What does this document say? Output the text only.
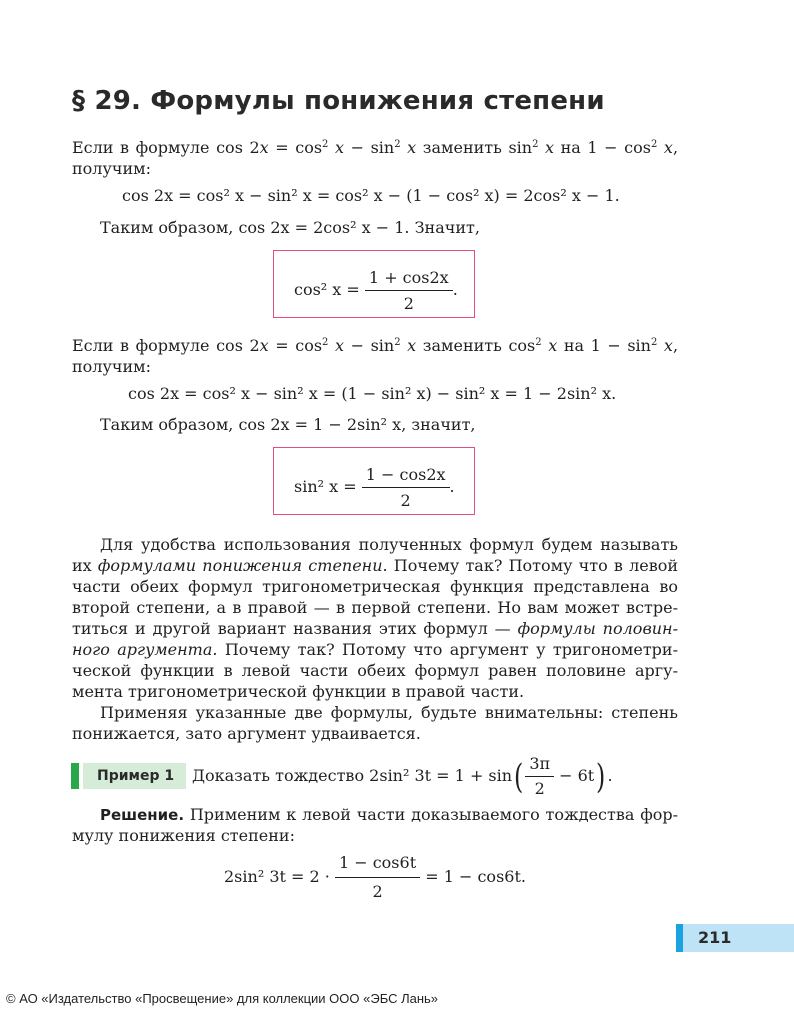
§ 29. Формулы понижения степени
Если в формуле $\cos 2x = \cos^2 x - \sin^2 x$ заменить $\sin^2 x$ на $1 - \cos^2 x$,
получим:
cos 2x = cos² x − sin² x = cos² x − (1 − cos² x) = 2cos² x − 1.
Таким образом, cos 2x = 2cos² x − 1. Значит,
cos² $x = \frac{1 + \cos 2x}{2}$ .
Если в формуле $\cos 2x = \cos^2 x - \sin^2 x$ заменить $\cos^2 x$ на $1 - \sin^2 x$,
получим:
cos 2x = cos² x − sin² x = (1 − sin² x) − sin² x = 1 − 2sin² x.
Таким образом, cos 2x = 1 − 2sin² x, значит,
sin² $x = \frac{1 - \cos 2x}{2}$ .
Для удобства использования полученных формул будем называть
их формулами понижения степени. Почему так? Потому что в левой
части обеих формул тригонометрическая функция представлена во
второй степени, а в правой — в первой степени. Но вам может встре-
титься и другой вариант названия этих формул — формулы половин-
ного аргумента. Почему так? Потому что аргумент у тригонометри-
ческой функции в левой части обеих формул равен половине аргу-
мента тригонометрической функции в правой части.
Применяя указанные две формулы, будьте внимательны: степень
понижается, зато аргумент удваивается.
Пример 1	Доказать тождество 2sin² $3t = 1 + \sin( \frac{3\pi}{2} - 6t)$ .
Решение. Применим к левой части доказываемого тождества фор-
мулу понижения степени:
2sin² $3t = 2 \cdot \frac{1 - \cos 6t}{2} = 1 - \cos 6t$.
211
© АО «Издательство «Просвещение» для коллекции ООО «ЭБС Лань»
